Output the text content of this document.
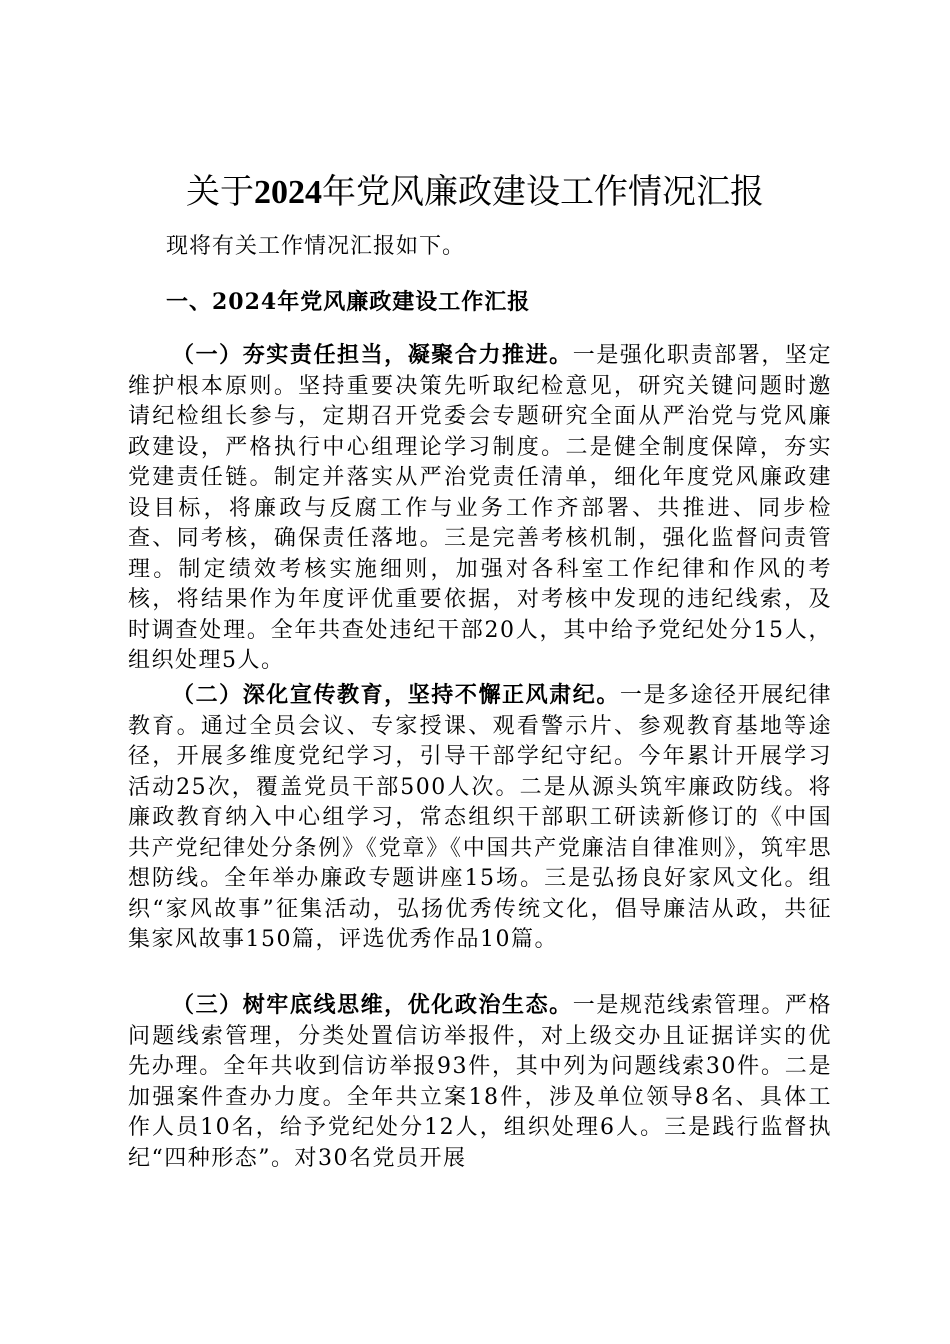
关于2024年党风廉政建设工作情况汇报

现将有关工作情况汇报如下。

一、2024年党风廉政建设工作汇报

（一）夯实责任担当，凝聚合力推进。一是强化职责部署，坚定维护根本原则。坚持重要决策先听取纪检意见，研究关键问题时邀请纪检组长参与，定期召开党委会专题研究全面从严治党与党风廉政建设，严格执行中心组理论学习制度。二是健全制度保障，夯实党建责任链。制定并落实从严治党责任清单，细化年度党风廉政建设目标，将廉政与反腐工作与业务工作齐部署、共推进、同步检查、同考核，确保责任落地。三是完善考核机制，强化监督问责管理。制定绩效考核实施细则，加强对各科室工作纪律和作风的考核，将结果作为年度评优重要依据，对考核中发现的违纪线索，及时调查处理。全年共查处违纪干部20人，其中给予党纪处分15人，组织处理5人。

（二）深化宣传教育，坚持不懈正风肃纪。一是多途径开展纪律教育。通过全员会议、专家授课、观看警示片、参观教育基地等途径，开展多维度党纪学习，引导干部学纪守纪。今年累计开展学习活动25次，覆盖党员干部500人次。二是从源头筑牢廉政防线。将廉政教育纳入中心组学习，常态组织干部职工研读新修订的《中国共产党纪律处分条例》《党章》《中国共产党廉洁自律准则》，筑牢思想防线。全年举办廉政专题讲座15场。三是弘扬良好家风文化。组织“家风故事”征集活动，弘扬优秀传统文化，倡导廉洁从政，共征集家风故事150篇，评选优秀作品10篇。

（三）树牢底线思维，优化政治生态。一是规范线索管理。严格问题线索管理，分类处置信访举报件，对上级交办且证据详实的优先办理。全年共收到信访举报93件，其中列为问题线索30件。二是加强案件查办力度。全年共立案18件，涉及单位领导8名、具体工作人员10名，给予党纪处分12人，组织处理6人。三是践行监督执纪“四种形态”。对30名党员开展
